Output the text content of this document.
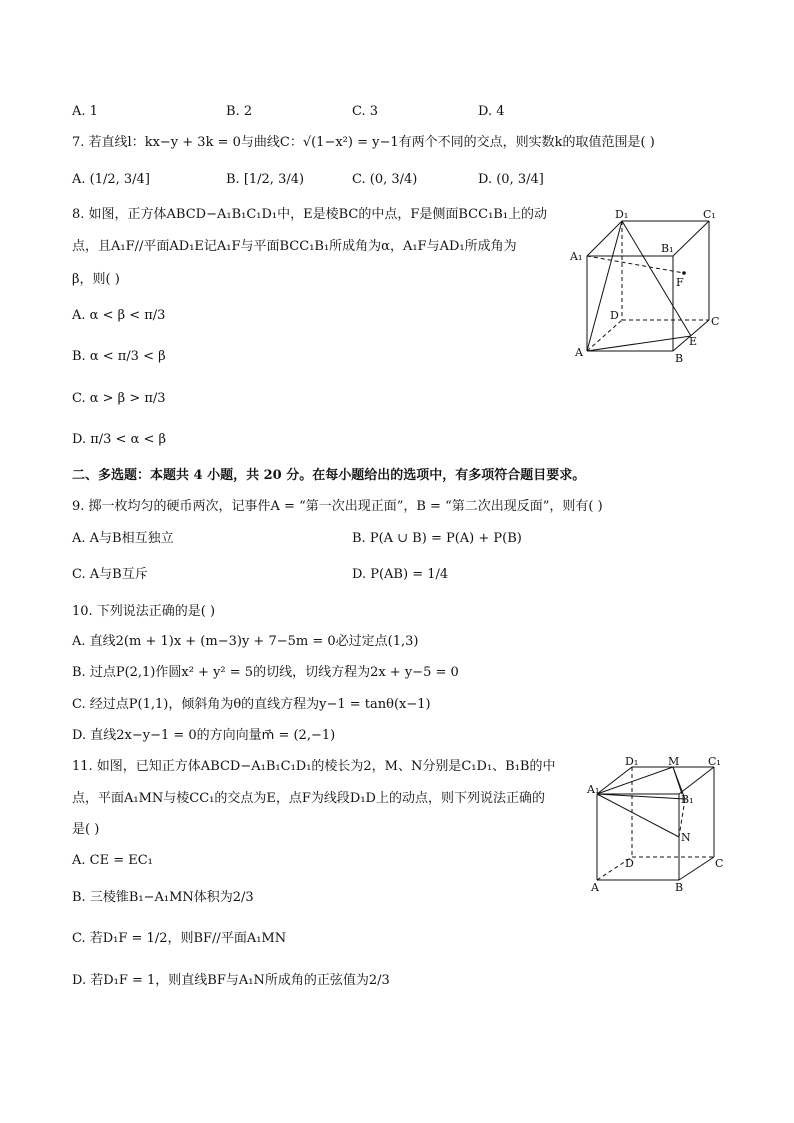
A. 1	B. 2	C. 3	D. 4
7. 若直线l：kx−y + 3k = 0与曲线C：√(1−x²) = y−1有两个不同的交点，则实数k的取值范围是( )
A. (1/2, 3/4]	B. [1/2, 3/4)	C. (0, 3/4)	D. (0, 3/4]
8. 如图，正方体ABCD−A₁B₁C₁D₁中，E是棱BC的中点，F是侧面BCC₁B₁上的动
点，且A₁F//平面AD₁E记A₁F与平面BCC₁B₁所成角为α，A₁F与AD₁所成角为
β，则( )
A. α < β < π/3
B. α < π/3 < β
C. α > β > π/3
D. π/3 < α < β
D₁	C₁
A₁
B₁
F
D	C
A
E
B
二、多选题：本题共 4 小题，共 20 分。在每小题给出的选项中，有多项符合题目要求。
9. 掷一枚均匀的硬币两次，记事件A = “第一次出现正面”，B = “第二次出现反面”，则有( )
A. A与B相互独立	B. P(A ∪ B) = P(A) + P(B)
C. A与B互斥	D. P(AB) = 1/4
10. 下列说法正确的是( )
A. 直线2(m + 1)x + (m−3)y + 7−5m = 0必过定点(1,3)
B. 过点P(2,1)作圆x² + y² = 5的切线，切线方程为2x + y−5 = 0
C. 经过点P(1,1)，倾斜角为θ的直线方程为y−1 = tanθ(x−1)
D. 直线2x−y−1 = 0的方向向量m⃗ = (2,−1)
11. 如图，已知正方体ABCD−A₁B₁C₁D₁的棱长为2，M、N分别是C₁D₁、B₁B的中
点，平面A₁MN与棱CC₁的交点为E，点F为线段D₁D上的动点，则下列说法正确的
是( )
A. CE = EC₁
B. 三棱锥B₁−A₁MN体积为2/3
C. 若D₁F = 1/2，则BF//平面A₁MN
D. 若D₁F = 1，则直线BF与A₁N所成角的正弦值为2/3
D₁	M	C₁
A₁
B₁
N
D	C
A	B
